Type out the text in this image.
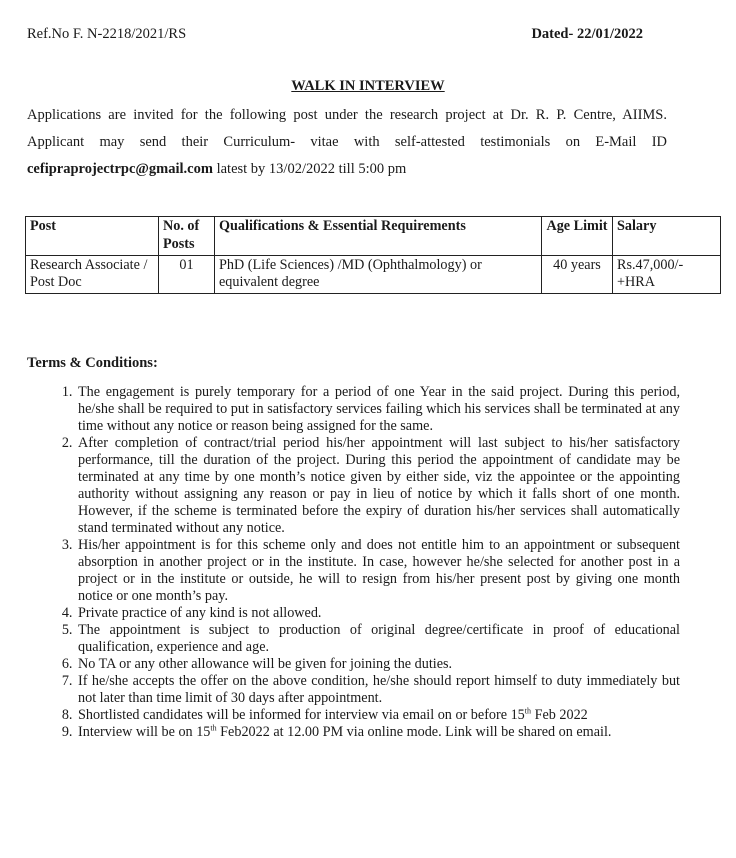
Ref.No F. N-2218/2021/RS	Dated- 22/01/2022
WALK IN INTERVIEW
Applications are invited for the following post under the research project at Dr. R. P. Centre, AIIMS. Applicant may send their Curriculum- vitae with self-attested testimonials on E-Mail ID cefipraprojectrpc@gmail.com latest by 13/02/2022 till 5:00 pm
Post	No. of Posts	Qualifications & Essential Requirements	Age Limit	Salary
Research Associate / Post Doc	01	PhD (Life Sciences) /MD (Ophthalmology) or equivalent degree	40 years	Rs.47,000/- +HRA
Terms & Conditions:
1. The engagement is purely temporary for a period of one Year in the said project. During this period, he/she shall be required to put in satisfactory services failing which his services shall be terminated at any time without any notice or reason being assigned for the same.
2. After completion of contract/trial period his/her appointment will last subject to his/her satisfactory performance, till the duration of the project. During this period the appointment of candidate may be terminated at any time by one month’s notice given by either side, viz the appointee or the appointing authority without assigning any reason or pay in lieu of notice by which it falls short of one month. However, if the scheme is terminated before the expiry of duration his/her services shall automatically stand terminated without any notice.
3. His/her appointment is for this scheme only and does not entitle him to an appointment or subsequent absorption in another project or in the institute. In case, however he/she selected for another post in a project or in the institute or outside, he will to resign from his/her present post by giving one month notice or one month’s pay.
4. Private practice of any kind is not allowed.
5. The appointment is subject to production of original degree/certificate in proof of educational qualification, experience and age.
6. No TA or any other allowance will be given for joining the duties.
7. If he/she accepts the offer on the above condition, he/she should report himself to duty immediately but not later than time limit of 30 days after appointment.
8. Shortlisted candidates will be informed for interview via email on or before 15th Feb 2022
9. Interview will be on 15th Feb2022 at 12.00 PM via online mode. Link will be shared on email.
